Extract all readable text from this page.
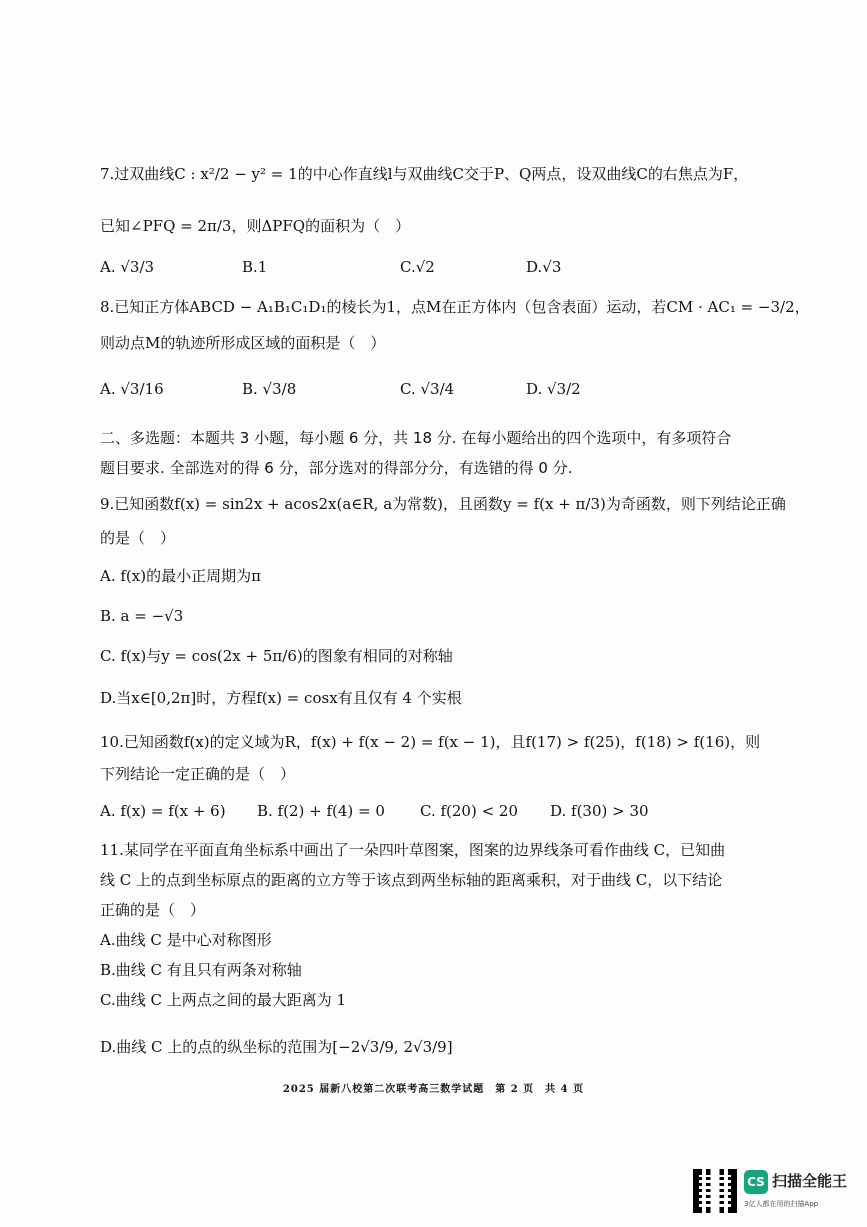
7.过双曲线C : x²/2 − y² = 1的中心作直线l与双曲线C交于P、Q两点，设双曲线C的右焦点为F，
已知∠PFQ = 2π/3，则ΔPFQ的面积为（　）
A. √3/3	B.1	C.√2	D.√3
8.已知正方体ABCD − A₁B₁C₁D₁的棱长为1，点M在正方体内（包含表面）运动，若CM · AC₁ = −3/2，
则动点M的轨迹所形成区域的面积是（　）
A. √3/16	B. √3/8	C. √3/4	D. √3/2
二、多选题：本题共 3 小题，每小题 6 分，共 18 分. 在每小题给出的四个选项中，有多项符合
题目要求. 全部选对的得 6 分，部分选对的得部分分，有选错的得 0 分.
9.已知函数f(x) = sin2x + acos2x(a∈R, a为常数)，且函数y = f(x + π/3)为奇函数，则下列结论正确
的是（　）
A. f(x)的最小正周期为π
B. a = −√3
C. f(x)与y = cos(2x + 5π/6)的图象有相同的对称轴
D.当x∈[0,2π]时，方程f(x) = cosx有且仅有 4 个实根
10.已知函数f(x)的定义域为R，f(x) + f(x − 2) = f(x − 1)，且f(17) > f(25)，f(18) > f(16)，则
下列结论一定正确的是（　）
A. f(x) = f(x + 6) B. f(2) + f(4) = 0 C. f(20) < 20 D. f(30) > 30
11.某同学在平面直角坐标系中画出了一朵四叶草图案，图案的边界线条可看作曲线 C，已知曲
线 C 上的点到坐标原点的距离的立方等于该点到两坐标轴的距离乘积，对于曲线 C，以下结论
正确的是（　）
A.曲线 C 是中心对称图形
B.曲线 C 有且只有两条对称轴
C.曲线 C 上两点之间的最大距离为 1
D.曲线 C 上的点的纵坐标的范围为[−2√3/9, 2√3/9]
2025 届新八校第二次联考高三数学试题　第 2 页　共 4 页
CS 扫描全能王
3亿人都在用的扫描App
